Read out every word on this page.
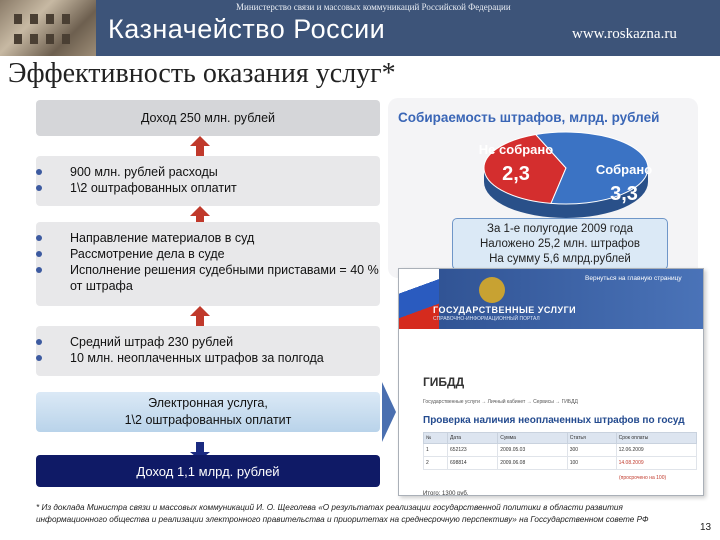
Министерство связи и массовых коммуникаций Российской Федерации
Казначейство России	www.roskazna.ru
Эффективность оказания услуг*
Доход 250 млн. рублей
900 млн. рублей расходы
1\2 оштрафованных оплатит
Направление материалов в суд
Рассмотрение дела в суде
Исполнение решения судебными приставами = 40 % от штрафа
Средний штраф 230 рублей
10 млн. неоплаченных штрафов за полгода
Электронная услуга,
1\2 оштрафованных оплатит
Доход 1,1 млрд. рублей
Собираемость штрафов, млрд. рублей
Не собрано
2,3	Собрано
3,3
За 1-е полугодие 2009 года
Наложено 25,2 млн. штрафов
На сумму 5,6 млрд.рублей
ГОСУДАРСТВЕННЫЕ УСЛУГИ
СПРАВОЧНО-ИНФОРМАЦИОННЫЙ ПОРТАЛ
Вернуться на главную страницу
ГИБДД
Государственные услуги → Личный кабинет → Сервисы → ГИБДД
Проверка наличия неоплаченных штрафов по госуд
№	Дата	Сумма	Статья	Срок оплаты
1	652123	2009.05.03	300	12.06.2009
2	698814	2009.06.08	100	14.08.2009
(просрочено на 100)
Итого: 1300 руб.
* Из доклада Министра связи и массовых коммуникаций И. О. Щеголева «О результатах реализации государственной политики в области развития информационного общества и реализации электронного правительства и приоритетах на среднесрочную перспективу» на Госсударственном совете РФ
13
